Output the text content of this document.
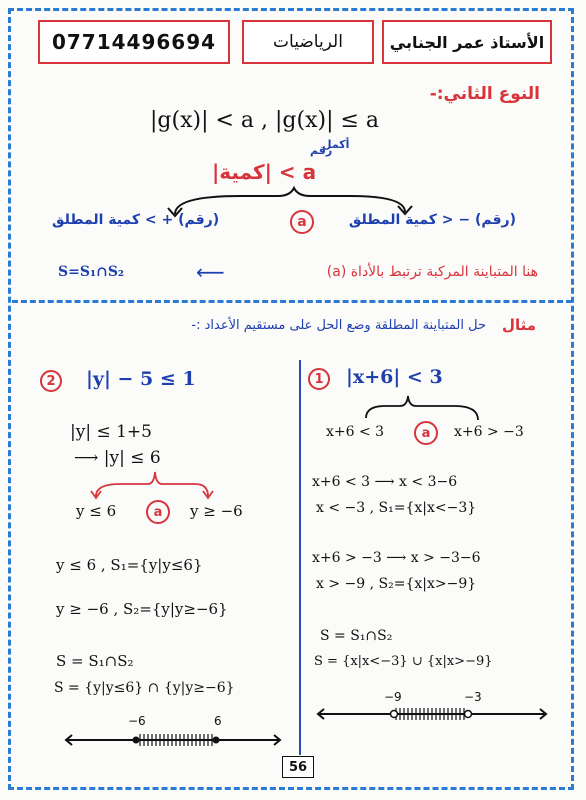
07714496694	الرياضيات	الأستاذ عمر الجنابي
النوع الثاني:-
|g(x)| < a , |g(x)| ≤ a
رقم
أكمل
a > |كمية|
(رقم) − < كمية المطلق
a
(رقم) + > كمية المطلق
S=S₁∩S₂	⟵	هنا المتباينة المركبة ترتبط بالأداة (a)
مثال
حل المتباينة المطلقة وضع الحل على مستقيم الأعداد :-
1 |x+6| < 3
x+6 < 3	a x+6 > −3
x+6 < 3 ⟶ x < 3−6
x < −3 , S₁={x|x<−3}
x+6 > −3 ⟶ x > −3−6
x > −9 , S₂={x|x>−9}
S = S₁∩S₂
S = {x|x<−3} ∪ {x|x>−9}
−9	−3
2 |y| − 5 ≤ 1
|y| ≤ 1+5
⟶ |y| ≤ 6
y ≤ 6	a y ≥ −6
y ≤ 6 , S₁={y|y≤6}
y ≥ −6 , S₂={y|y≥−6}
S = S₁∩S₂
S = {y|y≤6} ∩ {y|y≥−6}
−6	6
56
